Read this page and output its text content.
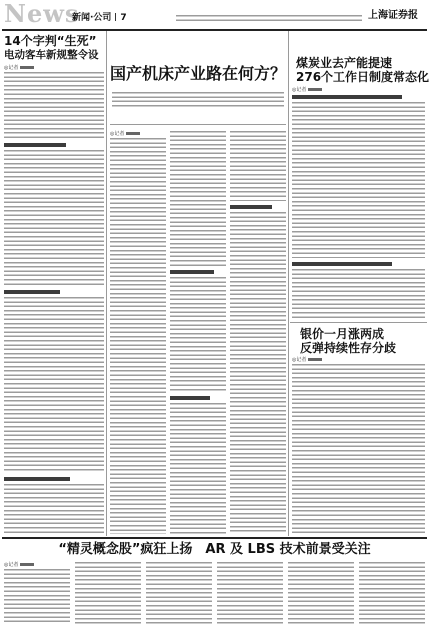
News
新闻·公司 7	上海证券报
14个字判“生死”
电动客车新规整令设
◎记者	国产机床产业路在何方？
◎记者
煤炭业去产能提速
276个工作日制度常态化
◎记者
银价一月涨两成
反弹持续性存分歧
◎记者
“精灵概念股”疯狂上扬　AR 及 LBS 技术前景受关注
◎记者
